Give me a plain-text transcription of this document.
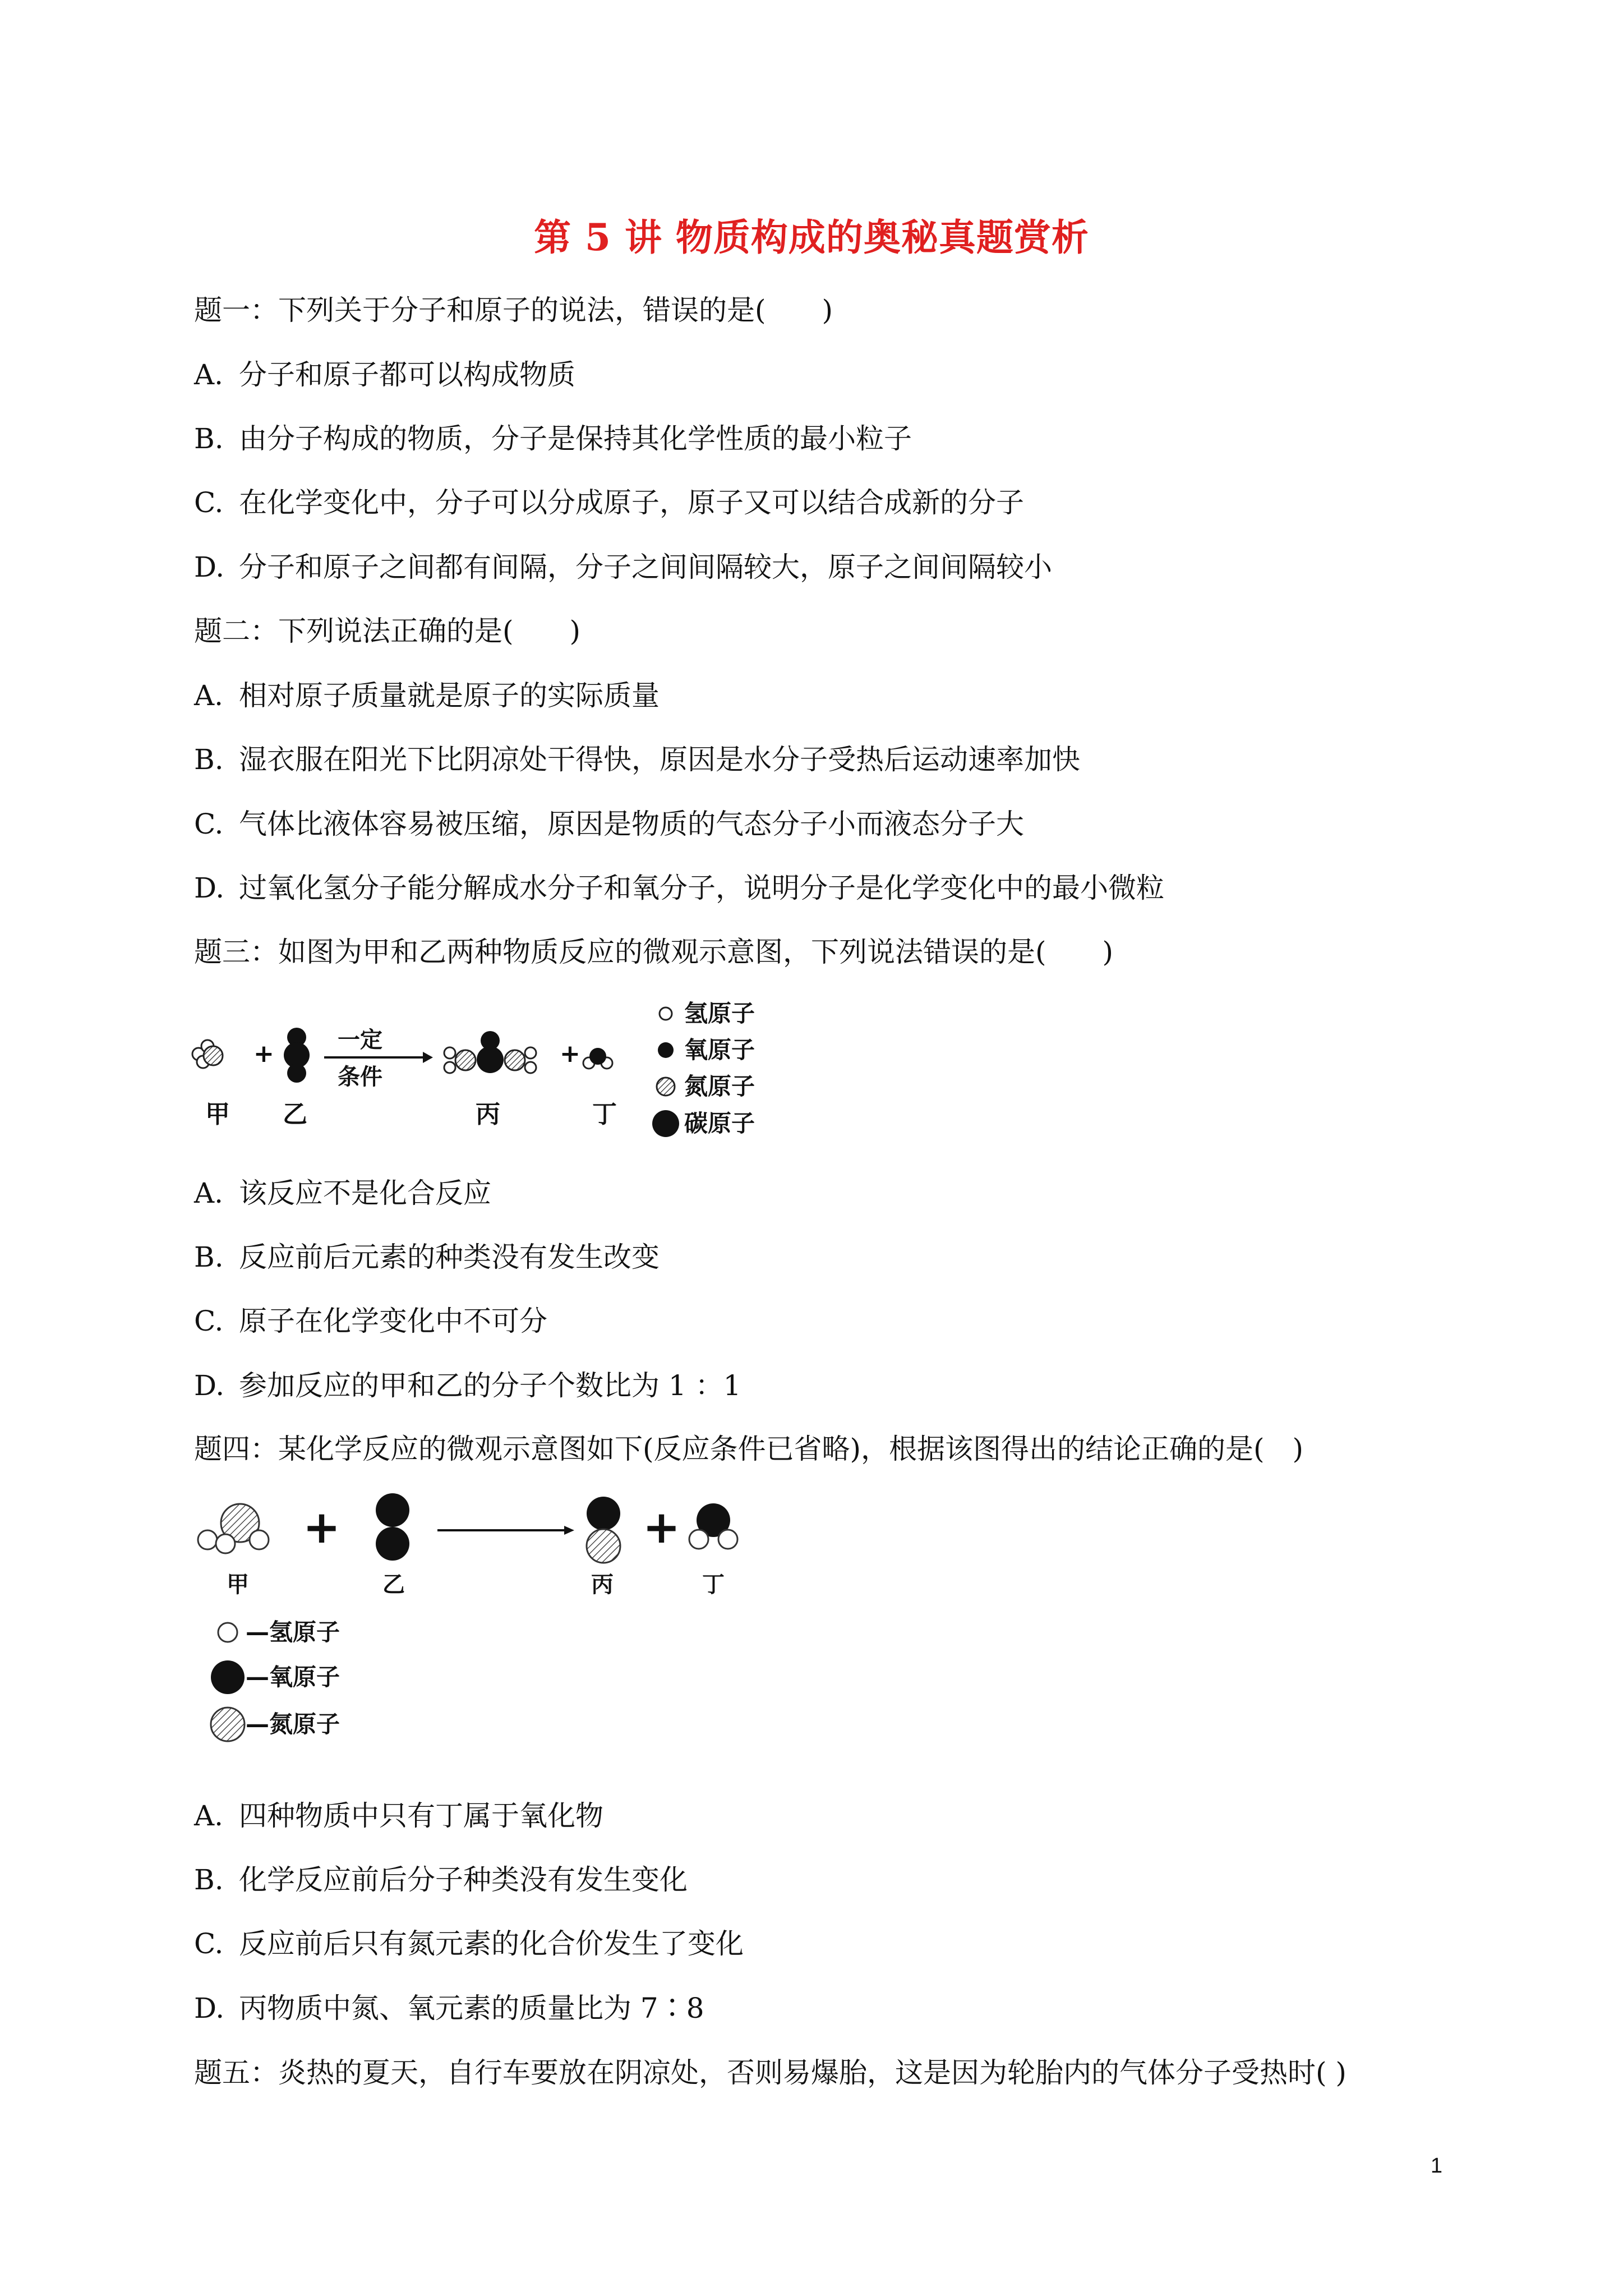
第 5 讲 物质构成的奥秘真题赏析
题一：下列关于分子和原子的说法，错误的是(　　)
A. 分子和原子都可以构成物质
B. 由分子构成的物质，分子是保持其化学性质的最小粒子
C. 在化学变化中，分子可以分成原子，原子又可以结合成新的分子
D. 分子和原子之间都有间隔，分子之间间隔较大，原子之间间隔较小
题二：下列说法正确的是(　　)
A. 相对原子质量就是原子的实际质量
B. 湿衣服在阳光下比阴凉处干得快，原因是水分子受热后运动速率加快
C. 气体比液体容易被压缩，原因是物质的气态分子小而液态分子大
D. 过氧化氢分子能分解成水分子和氧分子，说明分子是化学变化中的最小微粒
题三：如图为甲和乙两种物质反应的微观示意图，下列说法错误的是(　　)
+	一定
条件
+
甲 乙	丙	丁
氢原子
氧原子
氮原子
碳原子
A. 该反应不是化合反应
B. 反应前后元素的种类没有发生改变
C. 原子在化学变化中不可分
D. 参加反应的甲和乙的分子个数比为 1 ：1
题四：某化学反应的微观示意图如下(反应条件已省略)，根据该图得出的结论正确的是(　)
+	+
甲	乙	丙	丁
—氢原子
—氧原子
—氮原子
A. 四种物质中只有丁属于氧化物
B. 化学反应前后分子种类没有发生变化
C. 反应前后只有氮元素的化合价发生了变化
D. 丙物质中氮、氧元素的质量比为 7∶8
题五：炎热的夏天，自行车要放在阴凉处，否则易爆胎，这是因为轮胎内的气体分子受热时( )
1
